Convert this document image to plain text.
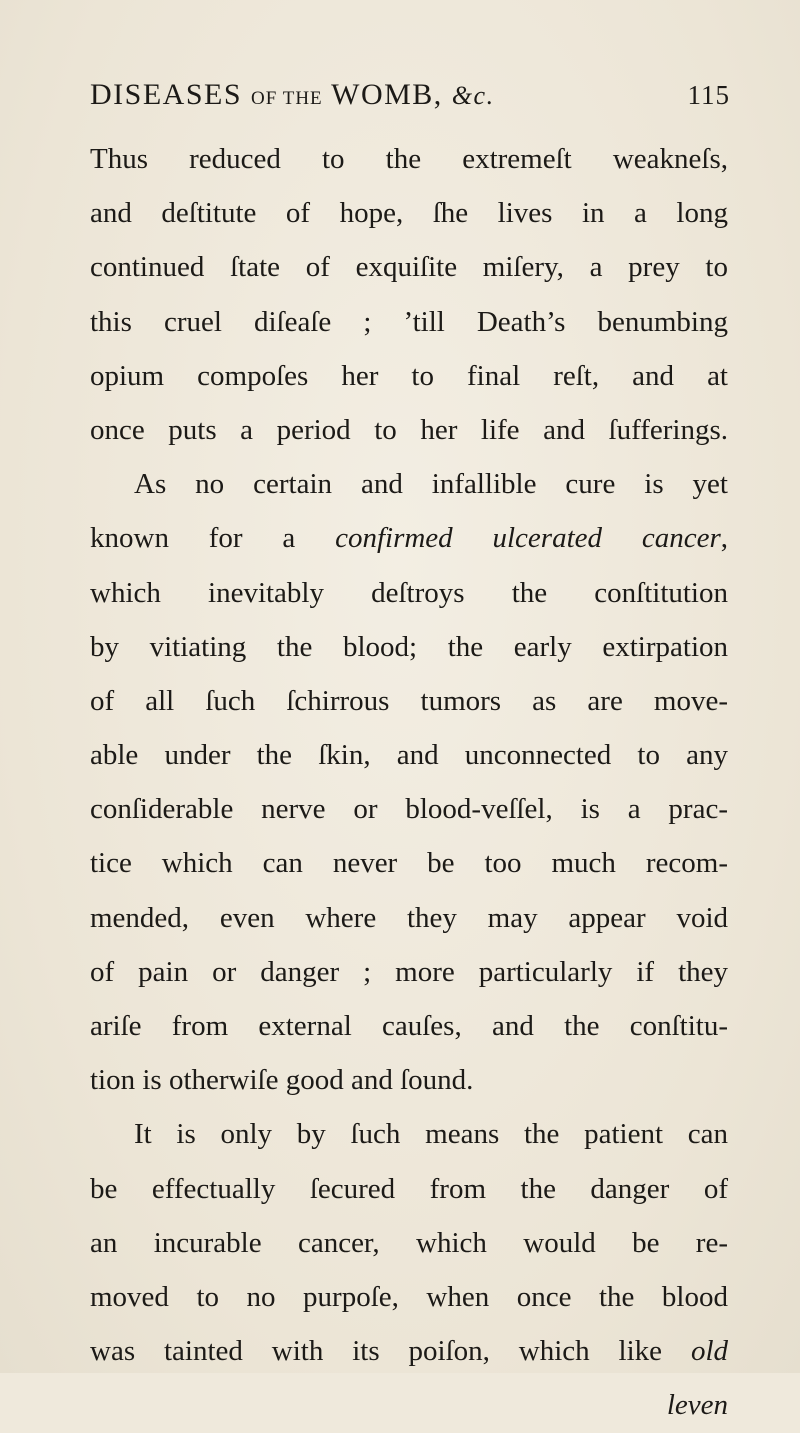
DISEASES OF THE WOMB, &c.	115
Thus reduced to the extremeſt weakneſs,
and deſtitute of hope, ſhe lives in a long
continued ſtate of exquiſite miſery, a prey to
this cruel diſeaſe ; ’till Death’s benumbing
opium compoſes her to final reſt, and at
once puts a period to her life and ſufferings.
As no certain and infallible cure is yet
known for a confirmed ulcerated cancer,
which inevitably deſtroys the conſtitution
by vitiating the blood; the early extirpation
of all ſuch ſchirrous tumors as are move-
able under the ſkin, and unconnected to any
conſiderable nerve or blood-veſſel, is a prac-
tice which can never be too much recom-
mended, even where they may appear void
of pain or danger ; more particularly if they
ariſe from external cauſes, and the conſtitu-
tion is otherwiſe good and ſound.
It is only by ſuch means the patient can
be effectually ſecured from the danger of
an incurable cancer, which would be re-
moved to no purpoſe, when once the blood
was tainted with its poiſon, which like old
leven
